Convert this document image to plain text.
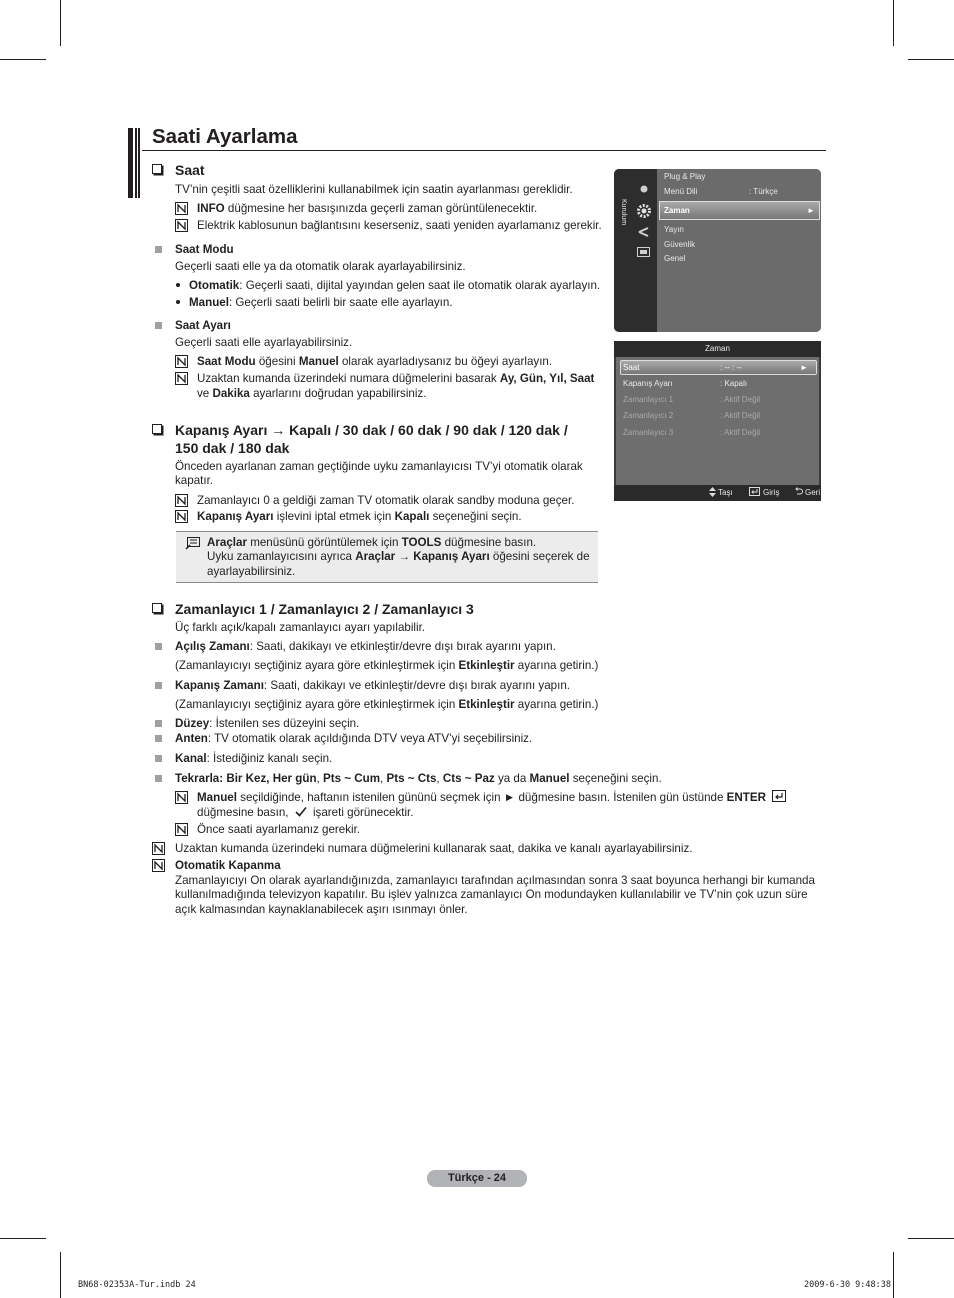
Saati Ayarlama
Saat
TV’nin çeşitli saat özelliklerini kullanabilmek için saatin ayarlanması gereklidir.
INFO düğmesine her basışınızda geçerli zaman görüntülenecektir.
Elektrik kablosunun bağlantısını keserseniz, saati yeniden ayarlamanız gerekir.
Saat Modu
Geçerli saati elle ya da otomatik olarak ayarlayabilirsiniz.
Otomatik: Geçerli saati, dijital yayından gelen saat ile otomatik olarak ayarlayın.
Manuel: Geçerli saati belirli bir saate elle ayarlayın.
Saat Ayarı
Geçerli saati elle ayarlayabilirsiniz.
Saat Modu öğesini Manuel olarak ayarladıysanız bu öğeyi ayarlayın.
Uzaktan kumanda üzerindeki numara düğmelerini basarak Ay, Gün, Yıl, Saat
ve Dakika ayarlarını doğrudan yapabilirsiniz.
Kapanış Ayarı → Kapalı / 30 dak / 60 dak / 90 dak / 120 dak /
150 dak / 180 dak
Önceden ayarlanan zaman geçtiğinde uyku zamanlayıcısı TV’yi otomatik olarak
kapatır.
Zamanlayıcı 0 a geldiği zaman TV otomatik olarak sandby moduna geçer.
Kapanış Ayarı işlevini iptal etmek için Kapalı seçeneğini seçin.
Araçlar menüsünü görüntülemek için TOOLS düğmesine basın.
Uyku zamanlayıcısını ayrıca Araçlar → Kapanış Ayarı öğesini seçerek de
ayarlayabilirsiniz.
Zamanlayıcı 1 / Zamanlayıcı 2 / Zamanlayıcı 3
Üç farklı açık/kapalı zamanlayıcı ayarı yapılabilir.
Açılış Zamanı: Saati, dakikayı ve etkinleştir/devre dışı bırak ayarını yapın.
(Zamanlayıcıyı seçtiğiniz ayara göre etkinleştirmek için Etkinleştir ayarına getirin.)
Kapanış Zamanı: Saati, dakikayı ve etkinleştir/devre dışı bırak ayarını yapın.
(Zamanlayıcıyı seçtiğiniz ayara göre etkinleştirmek için Etkinleştir ayarına getirin.)
Düzey: İstenilen ses düzeyini seçin.
Anten: TV otomatik olarak açıldığında DTV veya ATV’yi seçebilirsiniz.
Kanal: İstediğiniz kanalı seçin.
Tekrarla: Bir Kez, Her gün, Pts ~ Cum, Pts ~ Cts, Cts ~ Paz ya da Manuel seçeneğini seçin.
Manuel seçildiğinde, haftanın istenilen gününü seçmek için ► düğmesine basın. İstenilen gün üstünde ENTER
düğmesine basın,  işareti görünecektir.
Önce saati ayarlamanız gerekir.
Uzaktan kumanda üzerindeki numara düğmelerini kullanarak saat, dakika ve kanalı ayarlayabilirsiniz.
Otomatik Kapanma
Zamanlayıcıyı On olarak ayarlandığınızda, zamanlayıcı tarafından açılmasından sonra 3 saat boyunca herhangi bir kumanda
kullanılmadığında televizyon kapatılır. Bu işlev yalnızca zamanlayıcı On modundayken kullanılabilir ve TV’nin çok uzun süre
açık kalmasından kaynaklanabilecek aşırı ısınmayı önler.
Kurulum
Plug & Play
Menü Dili	: Türkçe
Zaman	►
Yayın
Güvenlik
Genel
Zaman
Saat	: -- : --	►
Kapanış Ayarı	: Kapalı
Zamanlayıcı 1	: Aktif Değil
Zamanlayıcı 2	: Aktif Değil
Zamanlayıcı 3	: Aktif Değil
Taşı	Giriş	Geri
Türkçe - 24
BN68-02353A-Tur.indb 24	2009-6-30 9:48:38
